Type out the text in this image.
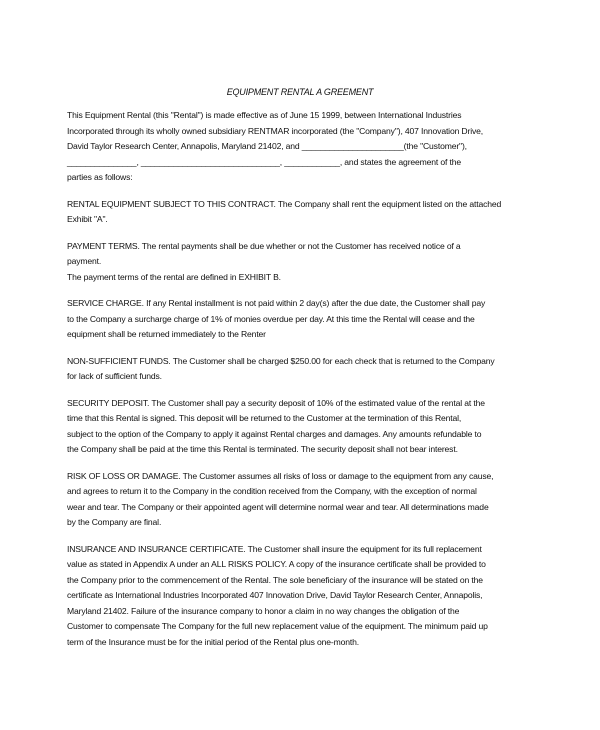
EQUIPMENT RENTAL A GREEMENT
This Equipment Rental (this "Rental") is made effective as of June 15 1999, between International Industries
Incorporated through its wholly owned subsidiary RENTMAR incorporated (the "Company"), 407 Innovation Drive,
David Taylor Research Center, Annapolis, Maryland 21402, and ______________________(the "Customer"),
_______________, ______________________________, ____________, and states the agreement of the
parties as follows:
RENTAL EQUIPMENT SUBJECT TO THIS CONTRACT. The Company shall rent the equipment listed on the attached
Exhibit "A".
PAYMENT TERMS. The rental payments shall be due whether or not the Customer has received notice of a
payment.
The payment terms of the rental are defined in EXHIBIT B.
SERVICE CHARGE. If any Rental installment is not paid within 2 day(s) after the due date, the Customer shall pay
to the Company a surcharge charge of 1% of monies overdue per day. At this time the Rental will cease and the
equipment shall be returned immediately to the Renter
NON-SUFFICIENT FUNDS. The Customer shall be charged $250.00 for each check that is returned to the Company
for lack of sufficient funds.
SECURITY DEPOSIT. The Customer shall pay a security deposit of 10% of the estimated value of the rental at the
time that this Rental is signed. This deposit will be returned to the Customer at the termination of this Rental,
subject to the option of the Company to apply it against Rental charges and damages. Any amounts refundable to
the Company shall be paid at the time this Rental is terminated. The security deposit shall not bear interest.
RISK OF LOSS OR DAMAGE. The Customer assumes all risks of loss or damage to the equipment from any cause,
and agrees to return it to the Company in the condition received from the Company, with the exception of normal
wear and tear. The Company or their appointed agent will determine normal wear and tear. All determinations made
by the Company are final.
INSURANCE AND INSURANCE CERTIFICATE. The Customer shall insure the equipment for its full replacement
value as stated in Appendix A under an ALL RISKS POLICY. A copy of the insurance certificate shall be provided to
the Company prior to the commencement of the Rental. The sole beneficiary of the insurance will be stated on the
certificate as International Industries Incorporated 407 Innovation Drive, David Taylor Research Center, Annapolis,
Maryland 21402. Failure of the insurance company to honor a claim in no way changes the obligation of the
Customer to compensate The Company for the full new replacement value of the equipment. The minimum paid up
term of the Insurance must be for the initial period of the Rental plus one-month.
